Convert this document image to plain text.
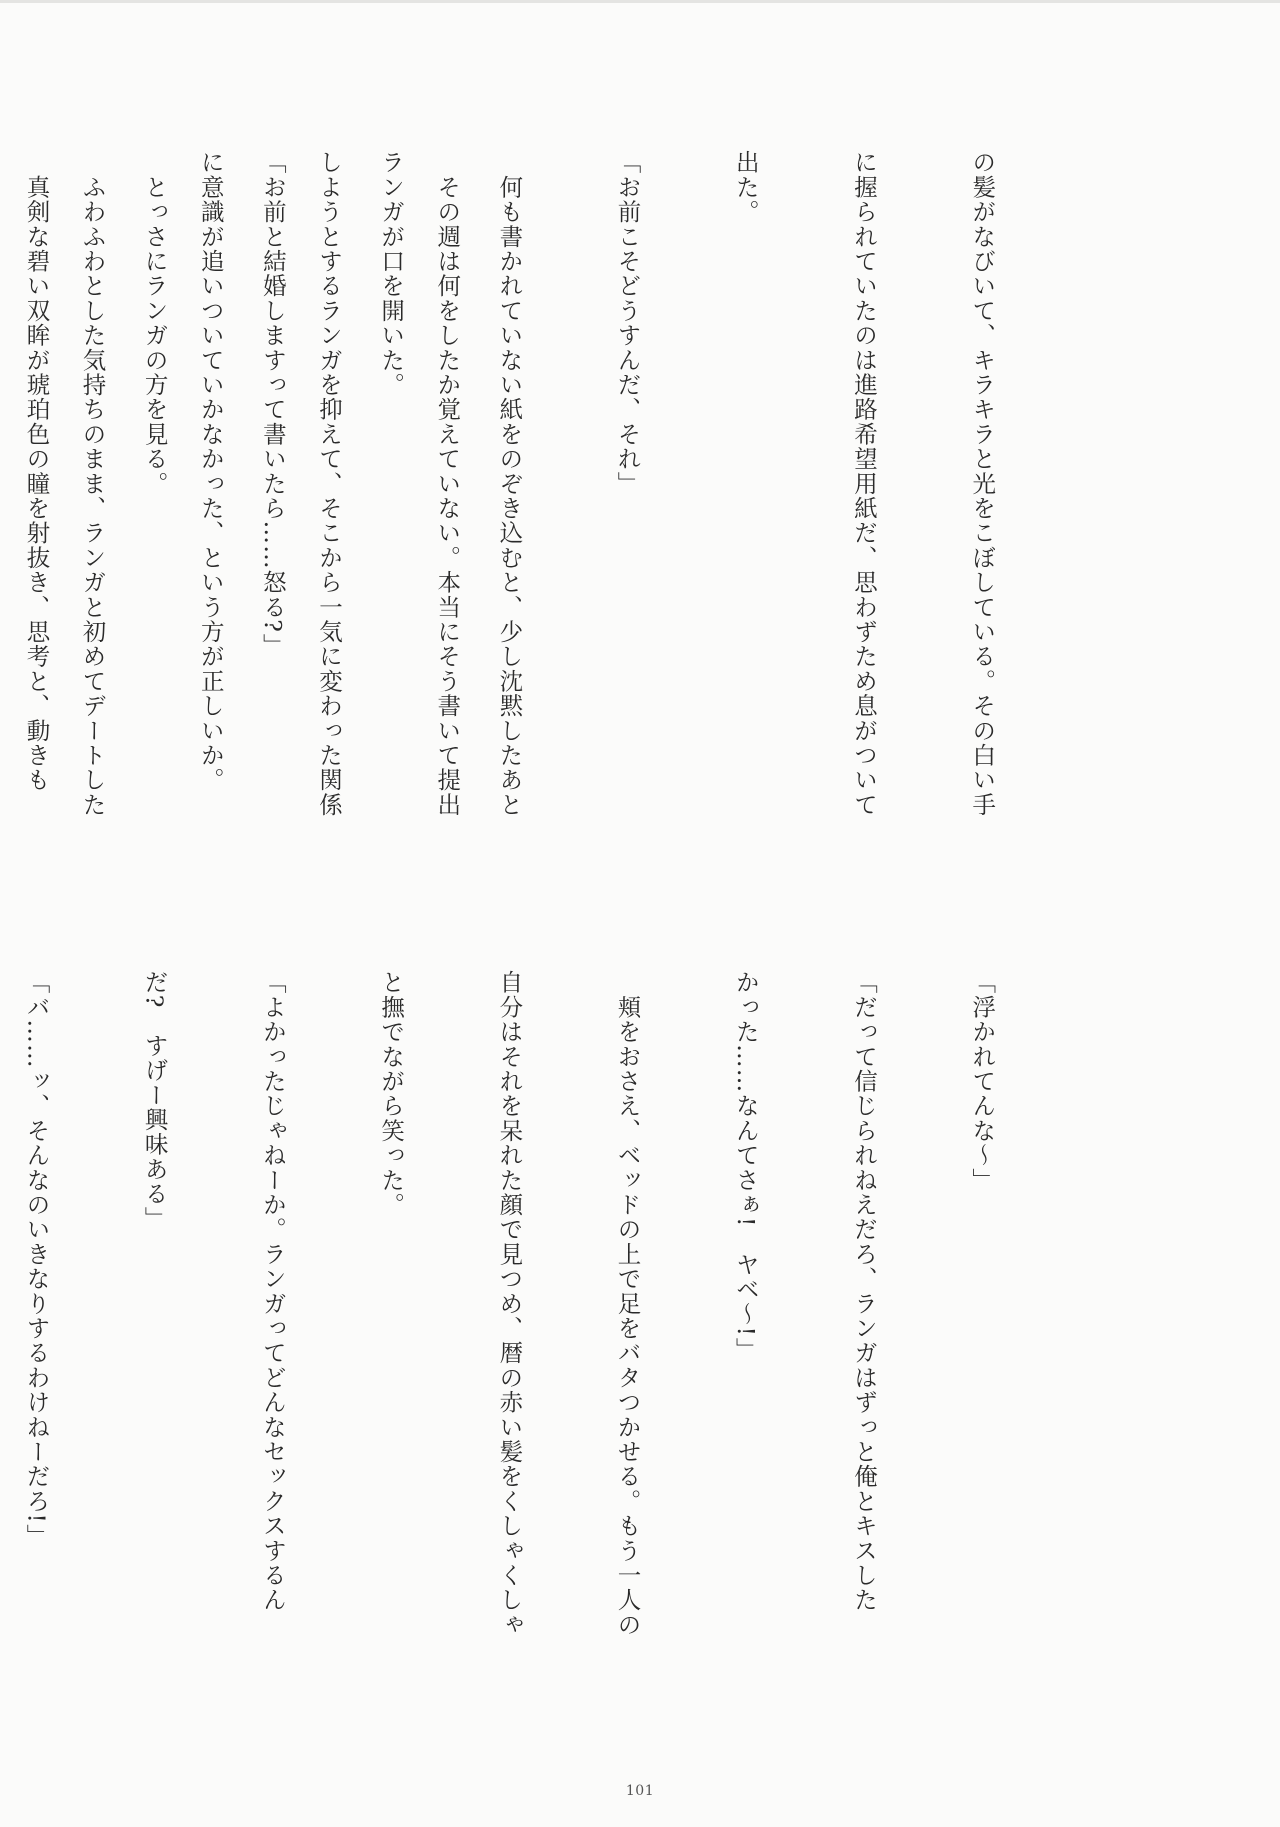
の髪がなびいて、キラキラと光をこぼしている。その白い手

に握られていたのは進路希望用紙だ、思わずため息がついて

出た。

「お前こそどうすんだ、それ」

　何も書かれていない紙をのぞき込むと、少し沈黙したあと

ランガが口を開いた。

「お前と結婚しますって書いたら……怒る?」

　とっさにランガの方を見る。

　真剣な碧い双眸が琥珀色の瞳を射抜き、思考と、動きも

	　その週は何をしたか覚えていない。本当にそう書いて提出

しようとするランガを抑えて、そこから一気に変わった関係

に意識が追いついていかなかった、という方が正しいか。

　ふわふわとした気持ちのまま、ランガと初めてデートした

「浮かれてんな〜」

「だって信じられねえだろ、ランガはずっと俺とキスした

かった……なんてさぁ!　ヤベ〜!」

　頬をおさえ、ベッドの上で足をバタつかせる。もう一人の

自分はそれを呆れた顔で見つめ、暦の赤い髪をくしゃくしゃ

と撫でながら笑った。

「よかったじゃねーか。ランガってどんなセックスするん

だ?　すげー興味ある」

「バ……ッ、そんなのいきなりするわけねーだろ!」

101
